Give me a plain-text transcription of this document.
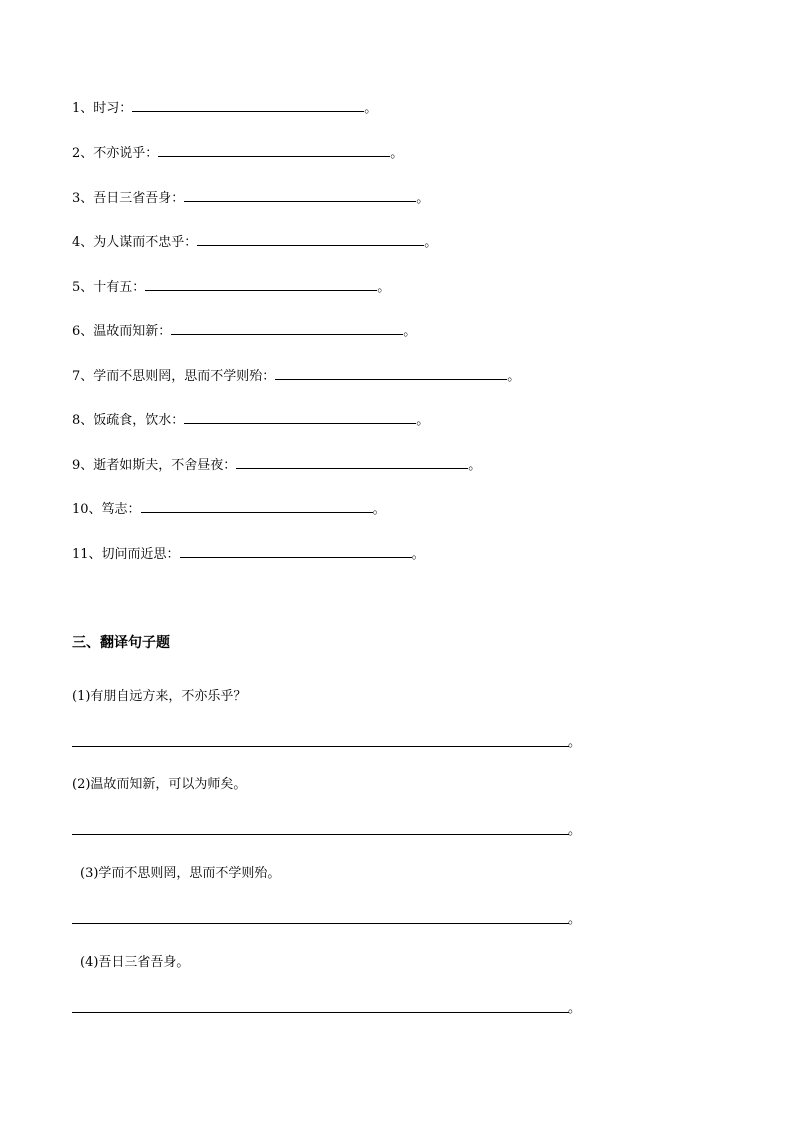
1、时习：	。
2、不亦说乎：	。
3、吾日三省吾身：	。
4、为人谋而不忠乎：	。
5、十有五：	。
6、温故而知新：	。
7、学而不思则罔，思而不学则殆：	。
8、饭疏食，饮水：	。
9、逝者如斯夫，不舍昼夜：	。
10、笃志：	。
11、切问而近思：	。
三、翻译句子题
(1)有朋自远方来，不亦乐乎？
。
(2)温故而知新，可以为师矣。
。
(3)学而不思则罔，思而不学则殆。
。
(4)吾日三省吾身。
。
